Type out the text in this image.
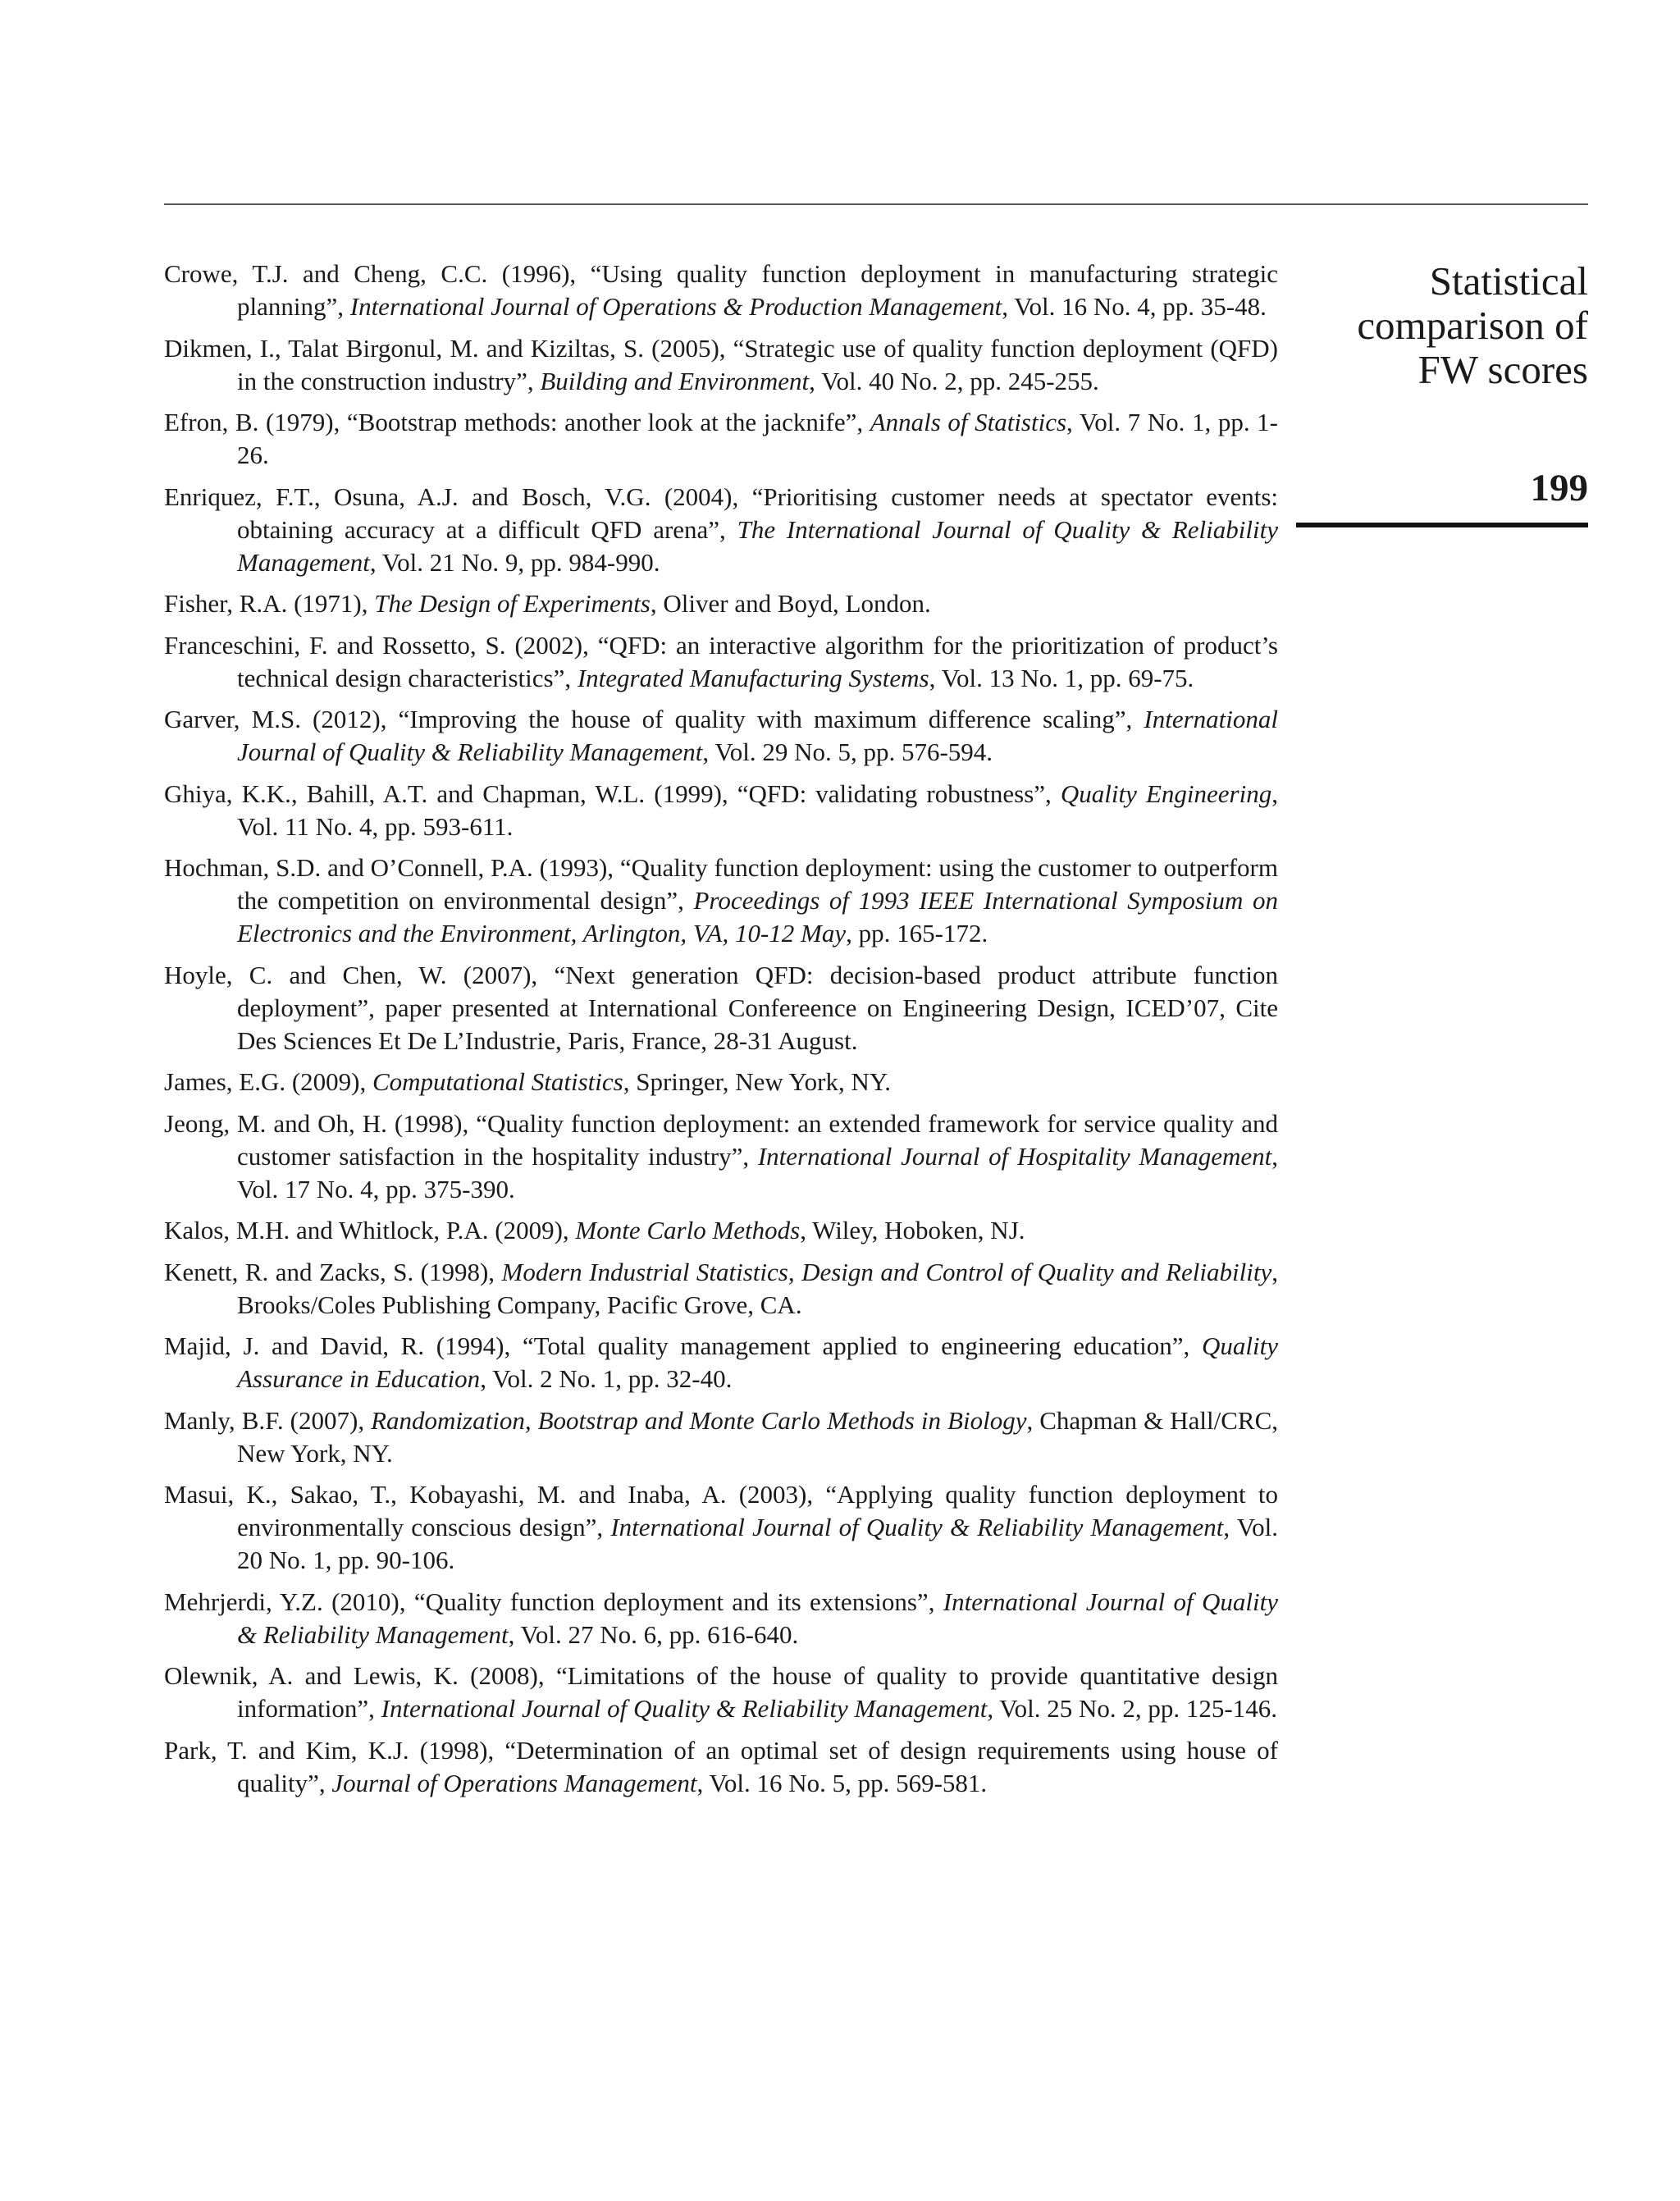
Crowe, T.J. and Cheng, C.C. (1996), “Using quality function deployment in manufacturing strategic planning”, International Journal of Operations & Production Management, Vol. 16 No. 4, pp. 35-48.

Dikmen, I., Talat Birgonul, M. and Kiziltas, S. (2005), “Strategic use of quality function deployment (QFD) in the construction industry”, Building and Environment, Vol. 40 No. 2, pp. 245-255.

Efron, B. (1979), “Bootstrap methods: another look at the jacknife”, Annals of Statistics, Vol. 7 No. 1, pp. 1-26.

Enriquez, F.T., Osuna, A.J. and Bosch, V.G. (2004), “Prioritising customer needs at spectator events: obtaining accuracy at a difficult QFD arena”, The International Journal of Quality & Reliability Management, Vol. 21 No. 9, pp. 984-990.

Fisher, R.A. (1971), The Design of Experiments, Oliver and Boyd, London.

Franceschini, F. and Rossetto, S. (2002), “QFD: an interactive algorithm for the prioritization of product’s technical design characteristics”, Integrated Manufacturing Systems, Vol. 13 No. 1, pp. 69-75.

Garver, M.S. (2012), “Improving the house of quality with maximum difference scaling”, International Journal of Quality & Reliability Management, Vol. 29 No. 5, pp. 576-594.

Ghiya, K.K., Bahill, A.T. and Chapman, W.L. (1999), “QFD: validating robustness”, Quality Engineering, Vol. 11 No. 4, pp. 593-611.

Hochman, S.D. and O’Connell, P.A. (1993), “Quality function deployment: using the customer to outperform the competition on environmental design”, Proceedings of 1993 IEEE International Symposium on Electronics and the Environment, Arlington, VA, 10-12 May, pp. 165-172.

Hoyle, C. and Chen, W. (2007), “Next generation QFD: decision-based product attribute function deployment”, paper presented at International Confereence on Engineering Design, ICED’07, Cite Des Sciences Et De L’Industrie, Paris, France, 28-31 August.

James, E.G. (2009), Computational Statistics, Springer, New York, NY.

Jeong, M. and Oh, H. (1998), “Quality function deployment: an extended framework for service quality and customer satisfaction in the hospitality industry”, International Journal of Hospitality Management, Vol. 17 No. 4, pp. 375-390.

Kalos, M.H. and Whitlock, P.A. (2009), Monte Carlo Methods, Wiley, Hoboken, NJ.

Kenett, R. and Zacks, S. (1998), Modern Industrial Statistics, Design and Control of Quality and Reliability, Brooks/Coles Publishing Company, Pacific Grove, CA.

Majid, J. and David, R. (1994), “Total quality management applied to engineering education”, Quality Assurance in Education, Vol. 2 No. 1, pp. 32-40.

Manly, B.F. (2007), Randomization, Bootstrap and Monte Carlo Methods in Biology, Chapman & Hall/CRC, New York, NY.

Masui, K., Sakao, T., Kobayashi, M. and Inaba, A. (2003), “Applying quality function deployment to environmentally conscious design”, International Journal of Quality & Reliability Management, Vol. 20 No. 1, pp. 90-106.

Mehrjerdi, Y.Z. (2010), “Quality function deployment and its extensions”, International Journal of Quality & Reliability Management, Vol. 27 No. 6, pp. 616-640.

Olewnik, A. and Lewis, K. (2008), “Limitations of the house of quality to provide quantitative design information”, International Journal of Quality & Reliability Management, Vol. 25 No. 2, pp. 125-146.

Park, T. and Kim, K.J. (1998), “Determination of an optimal set of design requirements using house of quality”, Journal of Operations Management, Vol. 16 No. 5, pp. 569-581.

Statistical
comparison of
FW scores
199
